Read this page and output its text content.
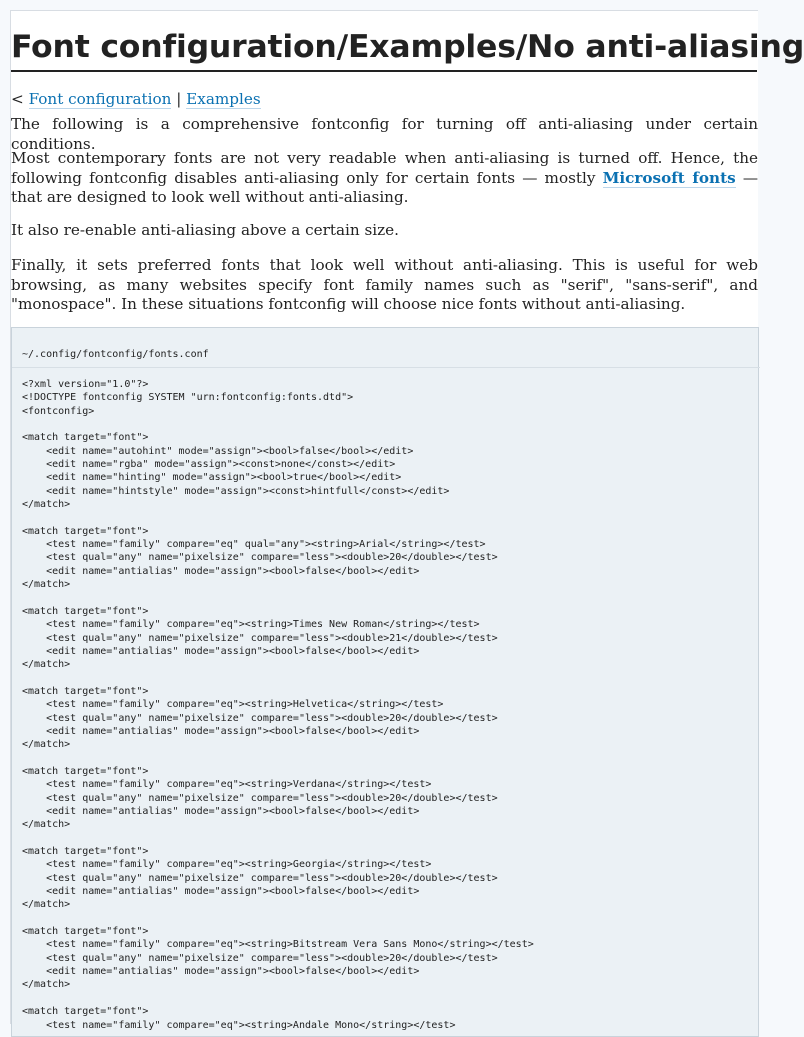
Font configuration/Examples/No anti-aliasing
< Font configuration | Examples

The following is a comprehensive fontconfig for turning off anti-aliasing under certain conditions.

Most contemporary fonts are not very readable when anti-aliasing is turned off. Hence, the following fontconfig disables anti-aliasing only for certain fonts — mostly Microsoft fonts — that are designed to look well without anti-aliasing.

It also re-enable anti-aliasing above a certain size.

Finally, it sets preferred fonts that look well without anti-aliasing. This is useful for web browsing, as many websites specify font family names such as "serif", "sans-serif", and "monospace". In these situations fontconfig will choose nice fonts without anti-aliasing.

~/.config/fontconfig/fonts.conf
<?xml version="1.0"?>
<!DOCTYPE fontconfig SYSTEM "urn:fontconfig:fonts.dtd">
<fontconfig>

<match target="font">
<edit name="autohint" mode="assign"><bool>false</bool></edit>
<edit name="rgba" mode="assign"><const>none</const></edit>
<edit name="hinting" mode="assign"><bool>true</bool></edit>
<edit name="hintstyle" mode="assign"><const>hintfull</const></edit>
</match>

<match target="font">
<test name="family" compare="eq" qual="any"><string>Arial</string></test>
<test qual="any" name="pixelsize" compare="less"><double>20</double></test>
<edit name="antialias" mode="assign"><bool>false</bool></edit>
</match>

<match target="font">
<test name="family" compare="eq"><string>Times New Roman</string></test>
<test qual="any" name="pixelsize" compare="less"><double>21</double></test>
<edit name="antialias" mode="assign"><bool>false</bool></edit>
</match>

<match target="font">
<test name="family" compare="eq"><string>Helvetica</string></test>
<test qual="any" name="pixelsize" compare="less"><double>20</double></test>
<edit name="antialias" mode="assign"><bool>false</bool></edit>
</match>

<match target="font">
<test name="family" compare="eq"><string>Verdana</string></test>
<test qual="any" name="pixelsize" compare="less"><double>20</double></test>
<edit name="antialias" mode="assign"><bool>false</bool></edit>
</match>

<match target="font">
<test name="family" compare="eq"><string>Georgia</string></test>
<test qual="any" name="pixelsize" compare="less"><double>20</double></test>
<edit name="antialias" mode="assign"><bool>false</bool></edit>
</match>

<match target="font">
<test name="family" compare="eq"><string>Bitstream Vera Sans Mono</string></test>
<test qual="any" name="pixelsize" compare="less"><double>20</double></test>
<edit name="antialias" mode="assign"><bool>false</bool></edit>
</match>

<match target="font">
<test name="family" compare="eq"><string>Andale Mono</string></test>
